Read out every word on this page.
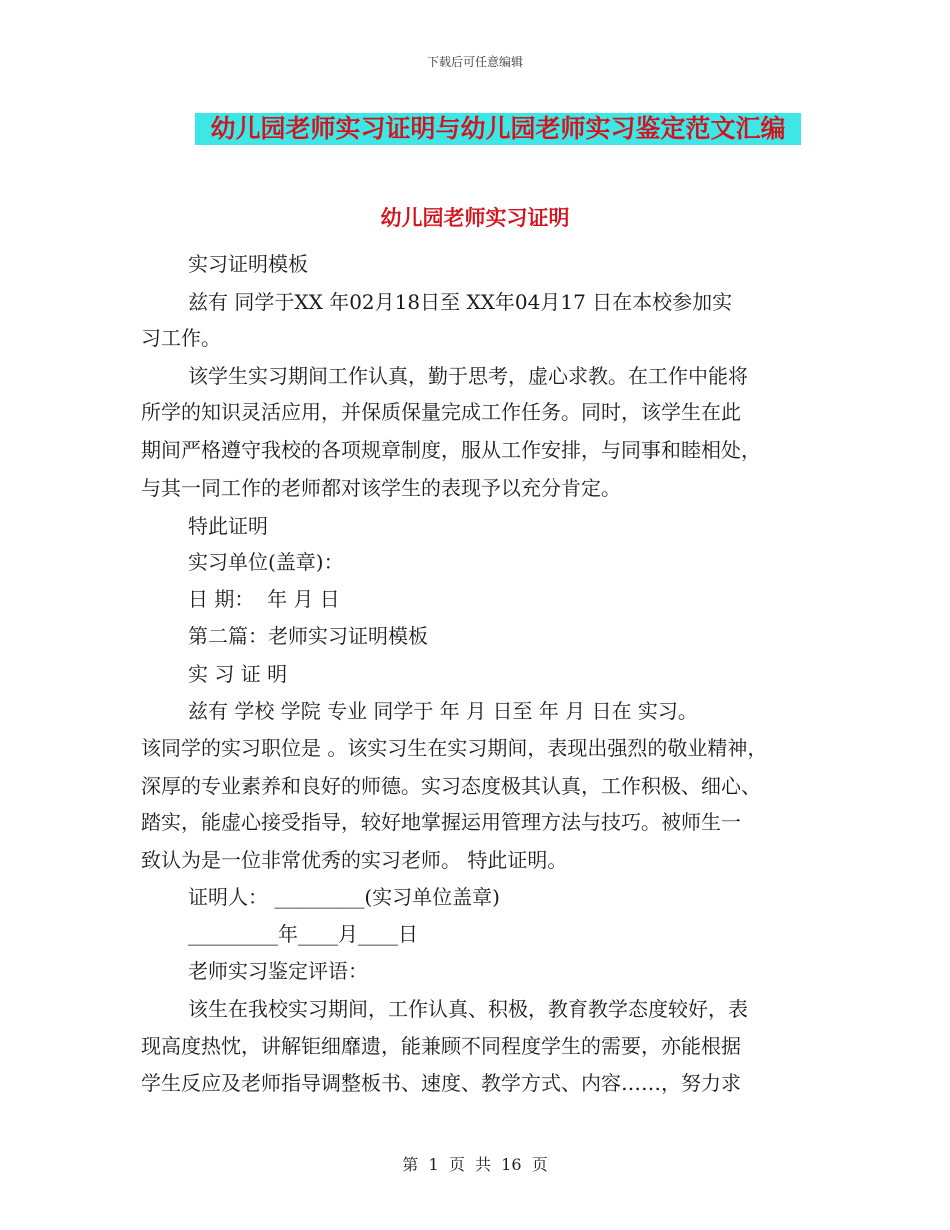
下载后可任意编辑
幼儿园老师实习证明与幼儿园老师实习鉴定范文汇编
幼儿园老师实习证明
实习证明模板
兹有 同学于XX 年02月18日至 XX年04月17 日在本校参加实
习工作。
该学生实习期间工作认真，勤于思考，虚心求教。在工作中能将
所学的知识灵活应用，并保质保量完成工作任务。同时，该学生在此
期间严格遵守我校的各项规章制度，服从工作安排，与同事和睦相处，
与其一同工作的老师都对该学生的表现予以充分肯定。
特此证明
实习单位(盖章)：
日 期：  年 月 日
第二篇：老师实习证明模板
实 习 证 明
兹有 学校 学院 专业 同学于 年 月 日至 年 月 日在 实习。
该同学的实习职位是 。该实习生在实习期间，表现出强烈的敬业精神，
深厚的专业素养和良好的师德。实习态度极其认真，工作积极、细心、
踏实，能虚心接受指导，较好地掌握运用管理方法与技巧。被师生一
致认为是一位非常优秀的实习老师。 特此证明。
证明人： _________(实习单位盖章)
_________年____月____日
老师实习鉴定评语：
该生在我校实习期间，工作认真、积极，教育教学态度较好，表
现高度热忱，讲解钜细靡遗，能兼顾不同程度学生的需要，亦能根据
学生反应及老师指导调整板书、速度、教学方式、内容……，努力求
第  1  页  共  16  页
